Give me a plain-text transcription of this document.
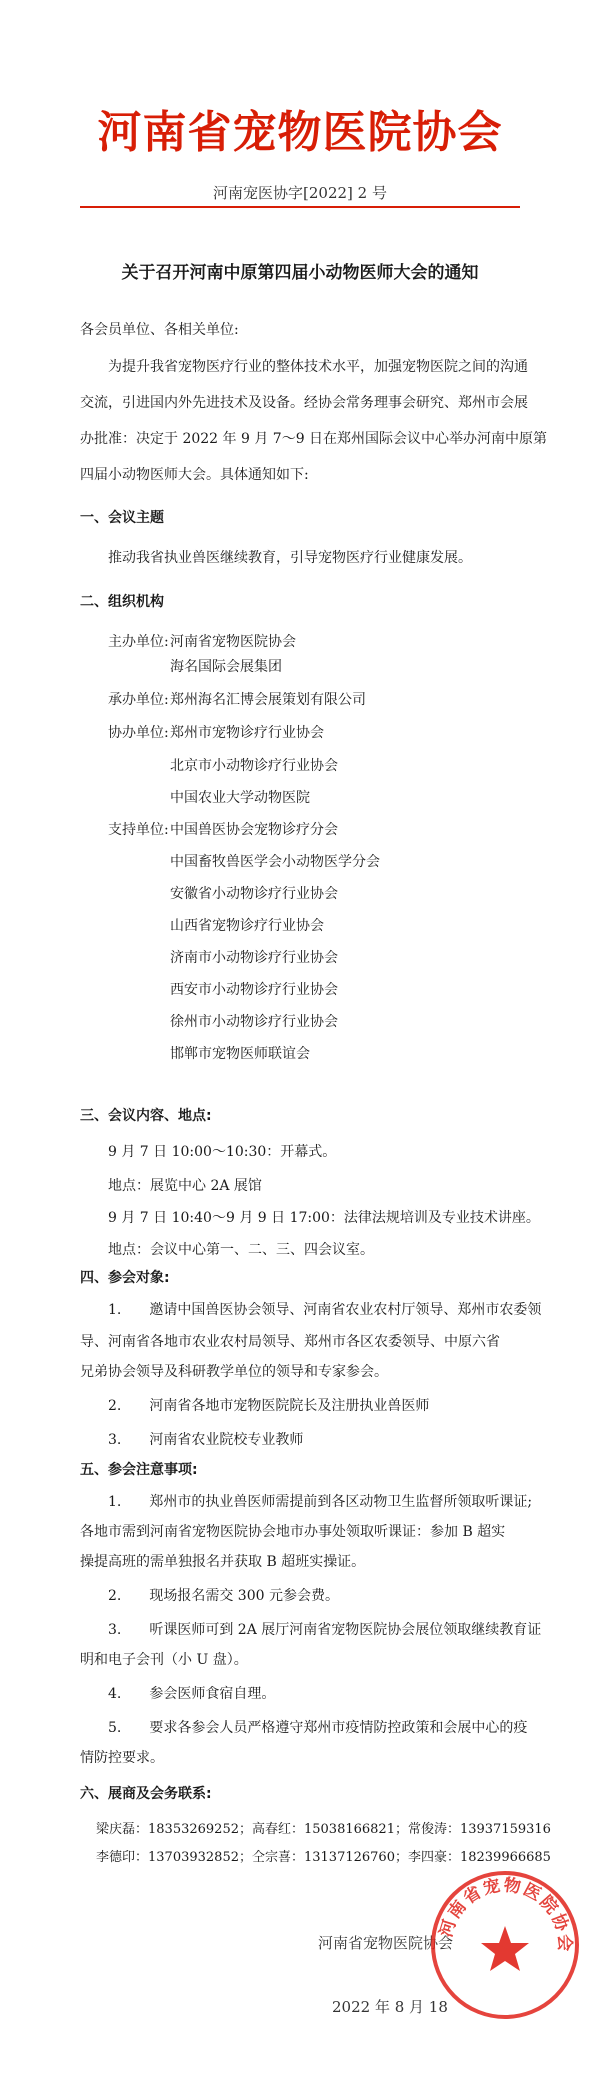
河南省宠物医院协会
河南宠医协字[2022] 2 号
关于召开河南中原第四届小动物医师大会的通知
各会员单位、各相关单位:
为提升我省宠物医疗行业的整体技术水平，加强宠物医院之间的沟通
交流，引进国内外先进技术及设备。经协会常务理事会研究、郑州市会展
办批准：决定于 2022 年 9 月 7～9 日在郑州国际会议中心举办河南中原第
四届小动物医师大会。具体通知如下:
一、会议主题
推动我省执业兽医继续教育，引导宠物医疗行业健康发展。
二、组织机构
主办单位: 河南省宠物医院协会
海名国际会展集团
承办单位: 郑州海名汇博会展策划有限公司
协办单位: 郑州市宠物诊疗行业协会
北京市小动物诊疗行业协会
中国农业大学动物医院
支持单位: 中国兽医协会宠物诊疗分会
中国畜牧兽医学会小动物医学分会
安徽省小动物诊疗行业协会
山西省宠物诊疗行业协会
济南市小动物诊疗行业协会
西安市小动物诊疗行业协会
徐州市小动物诊疗行业协会
邯郸市宠物医师联谊会
三、会议内容、地点:
9 月 7 日 10:00～10:30：开幕式。
地点：展览中心 2A 展馆
9 月 7 日 10:40～9 月 9 日 17:00：法律法规培训及专业技术讲座。
地点：会议中心第一、二、三、四会议室。
四、参会对象:
1.　　邀请中国兽医协会领导、河南省农业农村厅领导、郑州市农委领
导、河南省各地市农业农村局领导、郑州市各区农委领导、中原六省
兄弟协会领导及科研教学单位的领导和专家参会。
2.　　河南省各地市宠物医院院长及注册执业兽医师
3.　　河南省农业院校专业教师
五、参会注意事项:
1.　　郑州市的执业兽医师需提前到各区动物卫生监督所领取听课证;
各地市需到河南省宠物医院协会地市办事处领取听课证：参加 B 超实
操提高班的需单独报名并获取 B 超班实操证。
2.　　现场报名需交 300 元参会费。
3.　　听课医师可到 2A 展厅河南省宠物医院协会展位领取继续教育证
明和电子会刊（小 U 盘）。
4.　　参会医师食宿自理。
5.　　要求各参会人员严格遵守郑州市疫情防控政策和会展中心的疫
情防控要求。
六、展商及会务联系:
梁庆磊：18353269252；高春红：15038166821；常俊涛：13937159316
李德印：13703932852；仝宗喜：13137126760；李四豪：18239966685
河南省宠物医院协会
2022 年 8 月 18
河南省宠物医院协会
